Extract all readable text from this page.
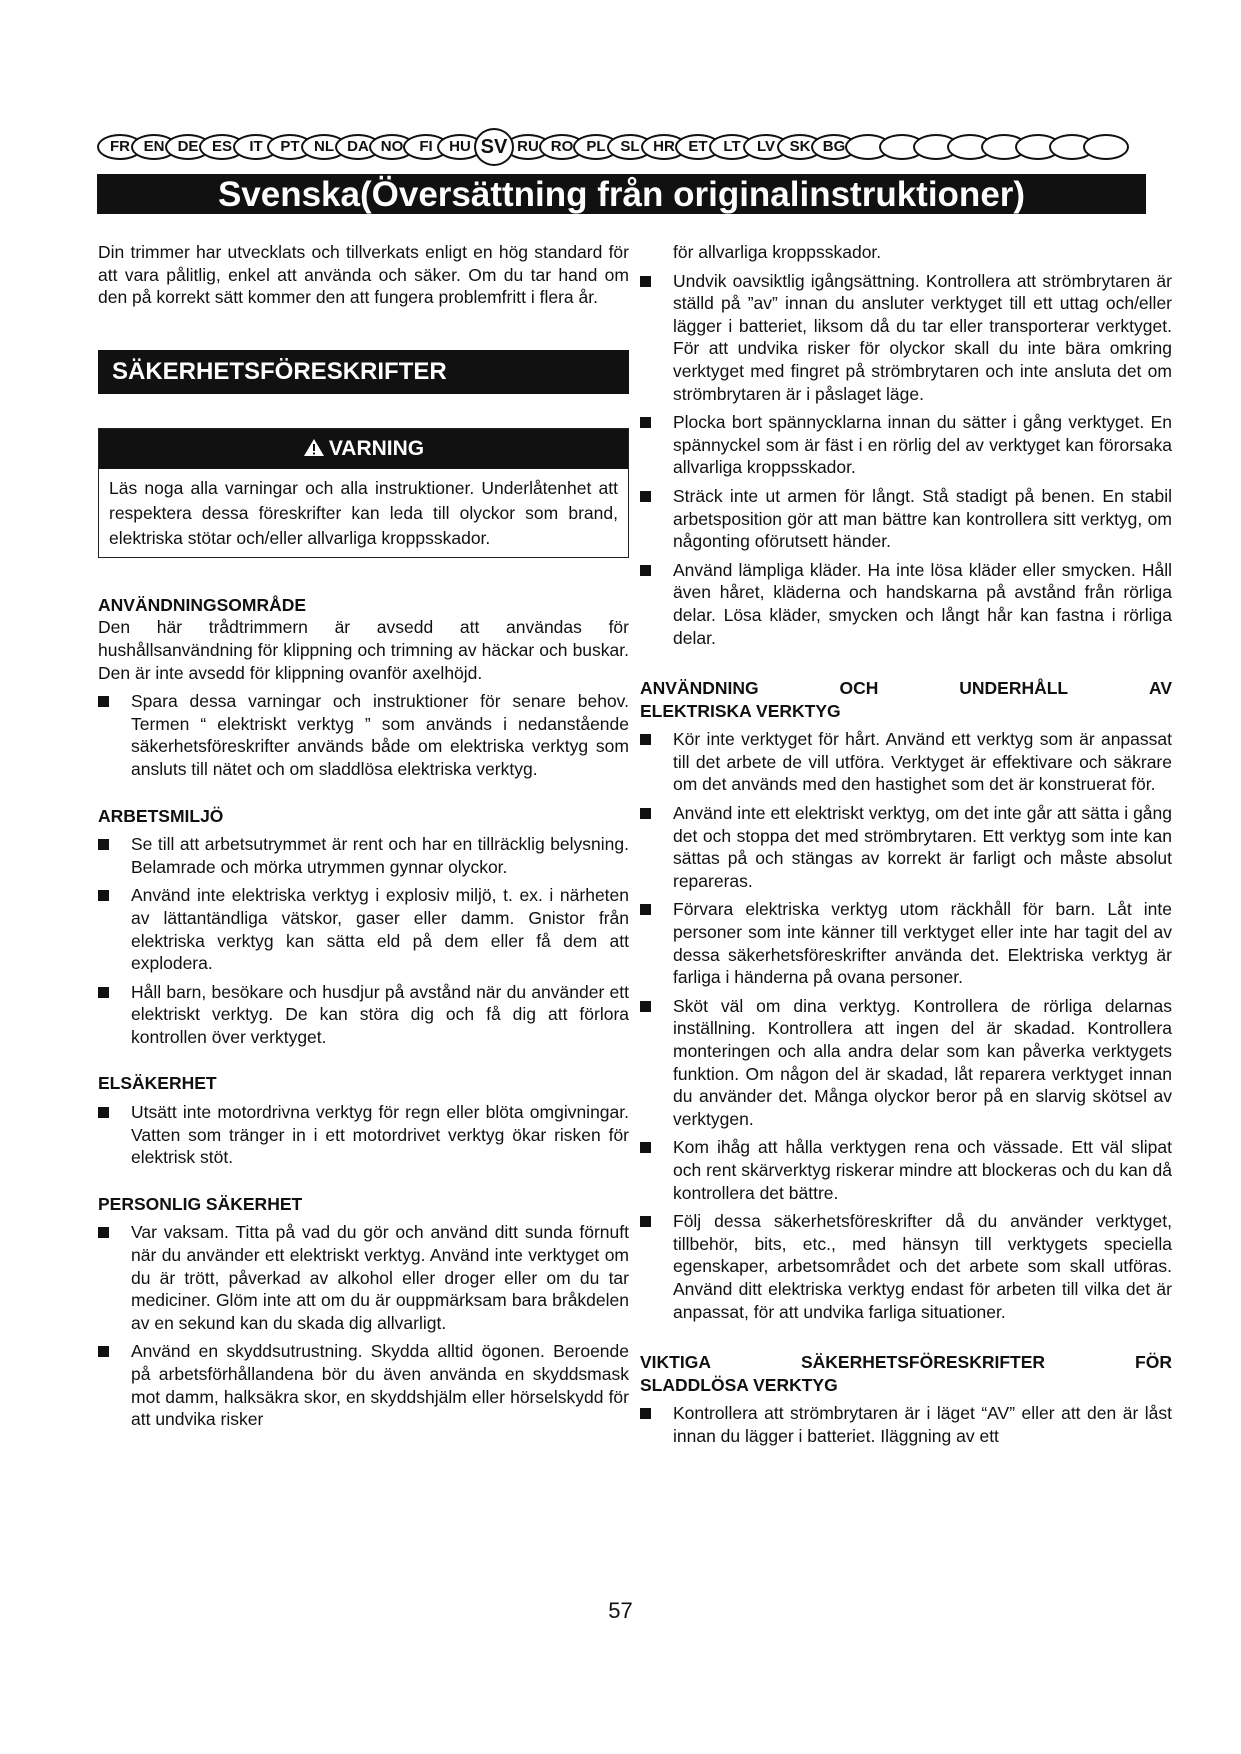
FR EN DE ES	IT	PT NL DA NO	FI	HU SV RU RO PL SL HR ET	LT	LV SK BG
Svenska(Översättning från originalinstruktioner)

Din trimmer har utvecklats och tillverkats enligt en hög standard för att vara pålitlig, enkel att använda och säker. Om du tar hand om den på korrekt sätt kommer den att fungera problemfritt i flera år.

SÄKERHETSFÖRESKRIFTER
VARNING
Läs noga alla varningar och alla instruktioner. Underlåtenhet att respektera dessa föreskrifter kan leda till olyckor som brand, elektriska stötar och/eller allvarliga kroppsskador.
ANVÄNDNINGSOMRÅDE

Den här trådtrimmern är avsedd att användas för hushållsanvändning för klippning och trimning av häckar och buskar. Den är inte avsedd för klippning ovanför axelhöjd.

Spara dessa varningar och instruktioner för senare behov. Termen “ elektriskt verktyg ” som används i nedanstående säkerhetsföreskrifter används både om elektriska verktyg som ansluts till nätet och om sladdlösa elektriska verktyg.
ARBETSMILJÖ
Se till att arbetsutrymmet är rent och har en tillräcklig belysning. Belamrade och mörka utrymmen gynnar olyckor.
Använd inte elektriska verktyg i explosiv miljö, t. ex. i närheten av lättantändliga vätskor, gaser eller damm. Gnistor från elektriska verktyg kan sätta eld på dem eller få dem att explodera.
Håll barn, besökare och husdjur på avstånd när du använder ett elektriskt verktyg. De kan störa dig och få dig att förlora kontrollen över verktyget.
ELSÄKERHET
Utsätt inte motordrivna verktyg för regn eller blöta omgivningar. Vatten som tränger in i ett motordrivet verktyg ökar risken för elektrisk stöt.
PERSONLIG SÄKERHET
Var vaksam. Titta på vad du gör och använd ditt sunda förnuft när du använder ett elektriskt verktyg. Använd inte verktyget om du är trött, påverkad av alkohol eller droger eller om du tar mediciner. Glöm inte att om du är ouppmärksam bara bråkdelen av en sekund kan du skada dig allvarligt.
Använd en skyddsutrustning. Skydda alltid ögonen. Beroende på arbetsförhållandena bör du även använda en skyddsmask mot damm, halksäkra skor, en skyddshjälm eller hörselskydd för att undvika risker

för allvarliga kroppsskador.

Undvik oavsiktlig igångsättning. Kontrollera att strömbrytaren är ställd på ”av” innan du ansluter verktyget till ett uttag och/eller lägger i batteriet, liksom då du tar eller transporterar verktyget. För att undvika risker för olyckor skall du inte bära omkring verktyget med fingret på strömbrytaren och inte ansluta det om strömbrytaren är i påslaget läge.
Plocka bort spännycklarna innan du sätter i gång verktyget. En spännyckel som är fäst i en rörlig del av verktyget kan förorsaka allvarliga kroppsskador.
Sträck inte ut armen för långt. Stå stadigt på benen. En stabil arbetsposition gör att man bättre kan kontrollera sitt verktyg, om någonting oförutsett händer.
Använd lämpliga kläder. Ha inte lösa kläder eller smycken. Håll även håret, kläderna och handskarna på avstånd från rörliga delar. Lösa kläder, smycken och långt hår kan fastna i rörliga delar.
ANVÄNDNING	OCH	UNDERHÅLL	AV
ELEKTRISKA VERKTYG
Kör inte verktyget för hårt. Använd ett verktyg som är anpassat till det arbete de vill utföra. Verktyget är effektivare och säkrare om det används med den hastighet som det är konstruerat för.
Använd inte ett elektriskt verktyg, om det inte går att sätta i gång det och stoppa det med strömbrytaren. Ett verktyg som inte kan sättas på och stängas av korrekt är farligt och måste absolut repareras.
Förvara elektriska verktyg utom räckhåll för barn. Låt inte personer som inte känner till verktyget eller inte har tagit del av dessa säkerhetsföreskrifter använda det. Elektriska verktyg är farliga i händerna på ovana personer.
Sköt väl om dina verktyg. Kontrollera de rörliga delarnas inställning. Kontrollera att ingen del är skadad. Kontrollera monteringen och alla andra delar som kan påverka verktygets funktion. Om någon del är skadad, låt reparera verktyget innan du använder det. Många olyckor beror på en slarvig skötsel av verktygen.
Kom ihåg att hålla verktygen rena och vässade. Ett väl slipat och rent skärverktyg riskerar mindre att blockeras och du kan då kontrollera det bättre.
Följ dessa säkerhetsföreskrifter då du använder verktyget, tillbehör, bits, etc., med hänsyn till verktygets speciella egenskaper, arbetsområdet och det arbete som skall utföras. Använd ditt elektriska verktyg endast för arbeten till vilka det är anpassat, för att undvika farliga situationer.
VIKTIGA	SÄKERHETSFÖRESKRIFTER	FÖR
SLADDLÖSA VERKTYG
Kontrollera att strömbrytaren är i läget “AV” eller att den är låst innan du lägger i batteriet. Iläggning av ett
57
